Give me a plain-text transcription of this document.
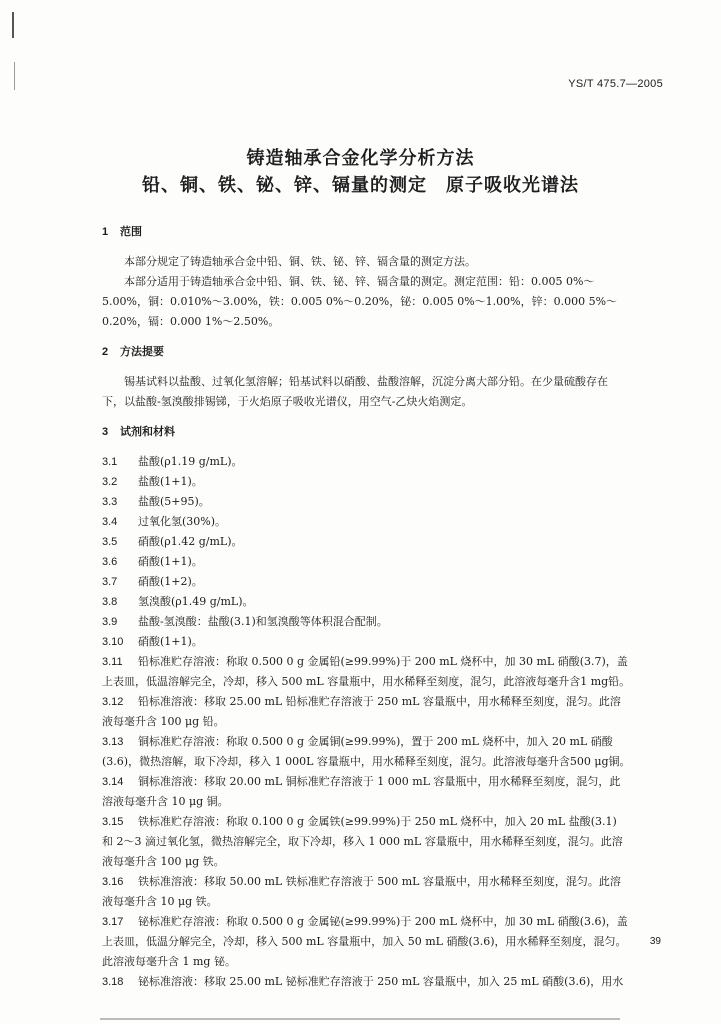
YS/T 475.7—2005
铸造轴承合金化学分析方法
铅、铜、铁、铋、锌、镉量的测定　原子吸收光谱法

1 范围

本部分规定了铸造轴承合金中铅、铜、铁、铋、锌、镉含量的测定方法。

本部分适用于铸造轴承合金中铅、铜、铁、铋、锌、镉含量的测定。测定范围：铅：0.005 0%～

5.00%，铜：0.010%～3.00%，铁：0.005 0%～0.20%，铋：0.005 0%～1.00%，锌：0.000 5%～

0.20%，镉：0.000 1%～2.50%。

2 方法提要

锡基试料以盐酸、过氧化氢溶解；铅基试料以硝酸、盐酸溶解，沉淀分离大部分铅。在少量硫酸存在

下，以盐酸-氢溴酸排锡锑，于火焰原子吸收光谱仪，用空气-乙炔火焰测定。

3 试剂和材料

3.1 盐酸(ρ1.19 g/mL)。

3.2 盐酸(1+1)。

3.3 盐酸(5+95)。

3.4 过氧化氢(30%)。

3.5 硝酸(ρ1.42 g/mL)。

3.6 硝酸(1+1)。

3.7 硝酸(1+2)。

3.8 氢溴酸(ρ1.49 g/mL)。

3.9 盐酸-氢溴酸：盐酸(3.1)和氢溴酸等体积混合配制。

3.10 硝酸(1+1)。

3.11 铅标准贮存溶液：称取 0.500 0 g 金属铅(≥99.99%)于 200 mL 烧杯中，加 30 mL 硝酸(3.7)，盖

上表皿，低温溶解完全，冷却，移入 500 mL 容量瓶中，用水稀释至刻度，混匀，此溶液每毫升含1 mg铅。

3.12 铅标准溶液：移取 25.00 mL 铅标准贮存溶液于 250 mL 容量瓶中，用水稀释至刻度，混匀。此溶

液每毫升含 100 μg 铅。

3.13 铜标准贮存溶液：称取 0.500 0 g 金属铜(≥99.99%)，置于 200 mL 烧杯中，加入 20 mL 硝酸

(3.6)，微热溶解，取下冷却，移入 1 000L 容量瓶中，用水稀释至刻度，混匀。此溶液每毫升含500 μg铜。

3.14 铜标准溶液：移取 20.00 mL 铜标准贮存溶液于 1 000 mL 容量瓶中，用水稀释至刻度，混匀，此

溶液每毫升含 10 μg 铜。

3.15 铁标准贮存溶液：称取 0.100 0 g 金属铁(≥99.99%)于 250 mL 烧杯中，加入 20 mL 盐酸(3.1)

和 2～3 滴过氧化氢，微热溶解完全，取下冷却，移入 1 000 mL 容量瓶中，用水稀释至刻度，混匀。此溶

液每毫升含 100 μg 铁。

3.16 铁标准溶液：移取 50.00 mL 铁标准贮存溶液于 500 mL 容量瓶中，用水稀释至刻度，混匀。此溶

液每毫升含 10 μg 铁。

3.17 铋标准贮存溶液：称取 0.500 0 g 金属铋(≥99.99%)于 200 mL 烧杯中，加 30 mL 硝酸(3.6)，盖

上表皿，低温分解完全，冷却，移入 500 mL 容量瓶中，加入 50 mL 硝酸(3.6)，用水稀释至刻度，混匀。

此溶液每毫升含 1 mg 铋。

3.18 铋标准溶液：移取 25.00 mL 铋标准贮存溶液于 250 mL 容量瓶中，加入 25 mL 硝酸(3.6)，用水

39
